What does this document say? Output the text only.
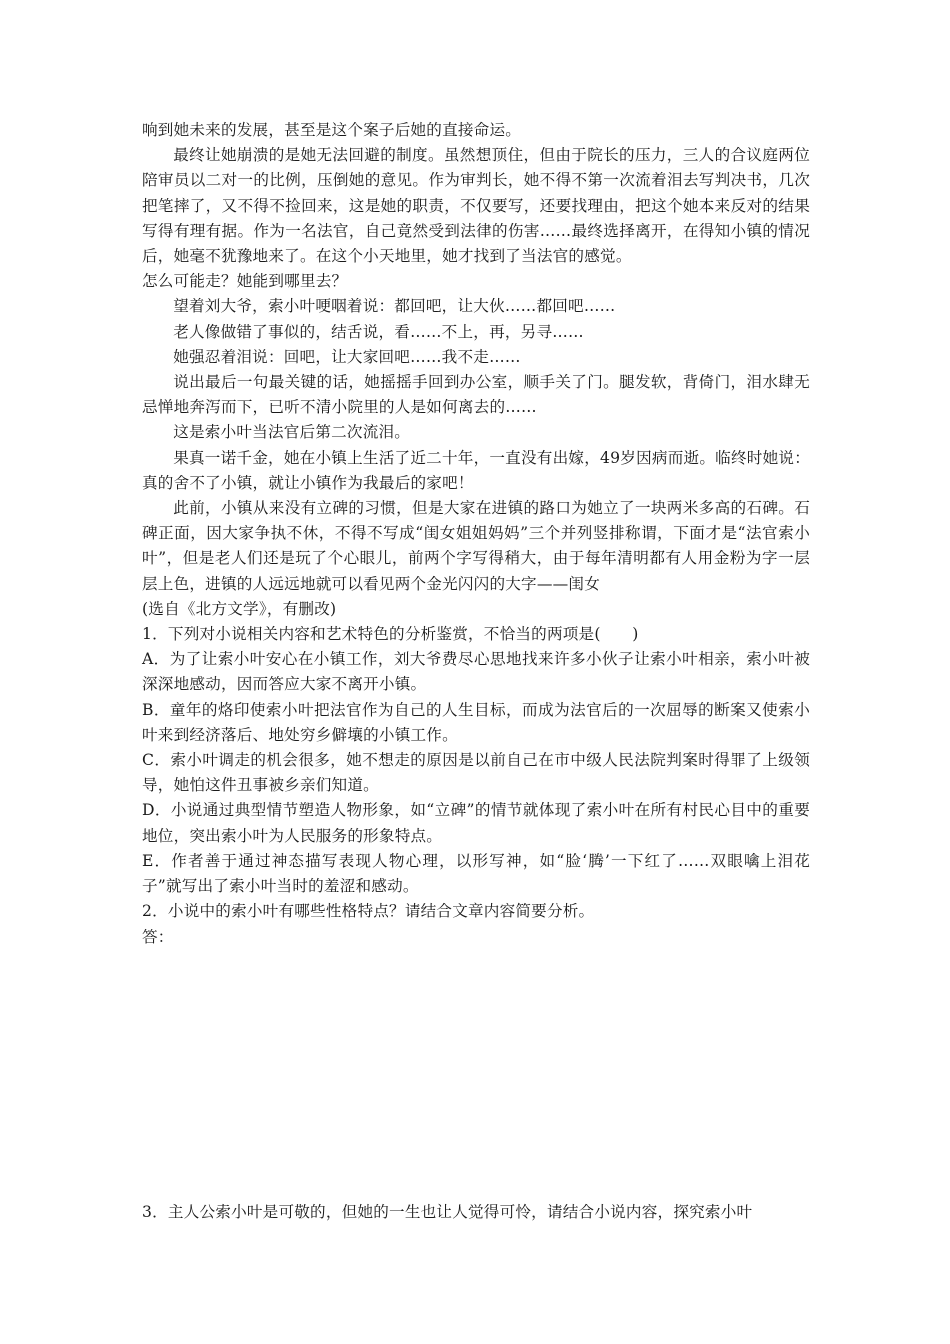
响到她未来的发展，甚至是这个案子后她的直接命运。

最终让她崩溃的是她无法回避的制度。虽然想顶住，但由于院长的压力，三人的合议庭两位陪审员以二对一的比例，压倒她的意见。作为审判长，她不得不第一次流着泪去写判决书，几次把笔摔了，又不得不捡回来，这是她的职责，不仅要写，还要找理由，把这个她本来反对的结果写得有理有据。作为一名法官，自己竟然受到法律的伤害……最终选择离开，在得知小镇的情况后，她毫不犹豫地来了。在这个小天地里，她才找到了当法官的感觉。

怎么可能走？她能到哪里去？

望着刘大爷，索小叶哽咽着说：都回吧，让大伙……都回吧……

老人像做错了事似的，结舌说，看……不上，再，另寻……

她强忍着泪说：回吧，让大家回吧……我不走……

说出最后一句最关键的话，她摇摇手回到办公室，顺手关了门。腿发软，背倚门，泪水肆无忌惮地奔泻而下，已听不清小院里的人是如何离去的……

这是索小叶当法官后第二次流泪。

果真一诺千金，她在小镇上生活了近二十年，一直没有出嫁，49岁因病而逝。临终时她说：真的舍不了小镇，就让小镇作为我最后的家吧！

此前，小镇从来没有立碑的习惯，但是大家在进镇的路口为她立了一块两米多高的石碑。石碑正面，因大家争执不休，不得不写成“闺女姐姐妈妈”三个并列竖排称谓，下面才是“法官索小叶”，但是老人们还是玩了个心眼儿，前两个字写得稍大，由于每年清明都有人用金粉为字一层层上色，进镇的人远远地就可以看见两个金光闪闪的大字——闺女

(选自《北方文学》，有删改)

1．下列对小说相关内容和艺术特色的分析鉴赏，不恰当的两项是(　　)

A．为了让索小叶安心在小镇工作，刘大爷费尽心思地找来许多小伙子让索小叶相亲，索小叶被深深地感动，因而答应大家不离开小镇。

B．童年的烙印使索小叶把法官作为自己的人生目标，而成为法官后的一次屈辱的断案又使索小叶来到经济落后、地处穷乡僻壤的小镇工作。

C．索小叶调走的机会很多，她不想走的原因是以前自己在市中级人民法院判案时得罪了上级领导，她怕这件丑事被乡亲们知道。

D．小说通过典型情节塑造人物形象，如“立碑”的情节就体现了索小叶在所有村民心目中的重要地位，突出索小叶为人民服务的形象特点。

E．作者善于通过神态描写表现人物心理，以形写神，如“脸‘腾’一下红了……双眼噙上泪花子”就写出了索小叶当时的羞涩和感动。

2．小说中的索小叶有哪些性格特点？请结合文章内容简要分析。

答：

3．主人公索小叶是可敬的，但她的一生也让人觉得可怜，请结合小说内容，探究索小叶
